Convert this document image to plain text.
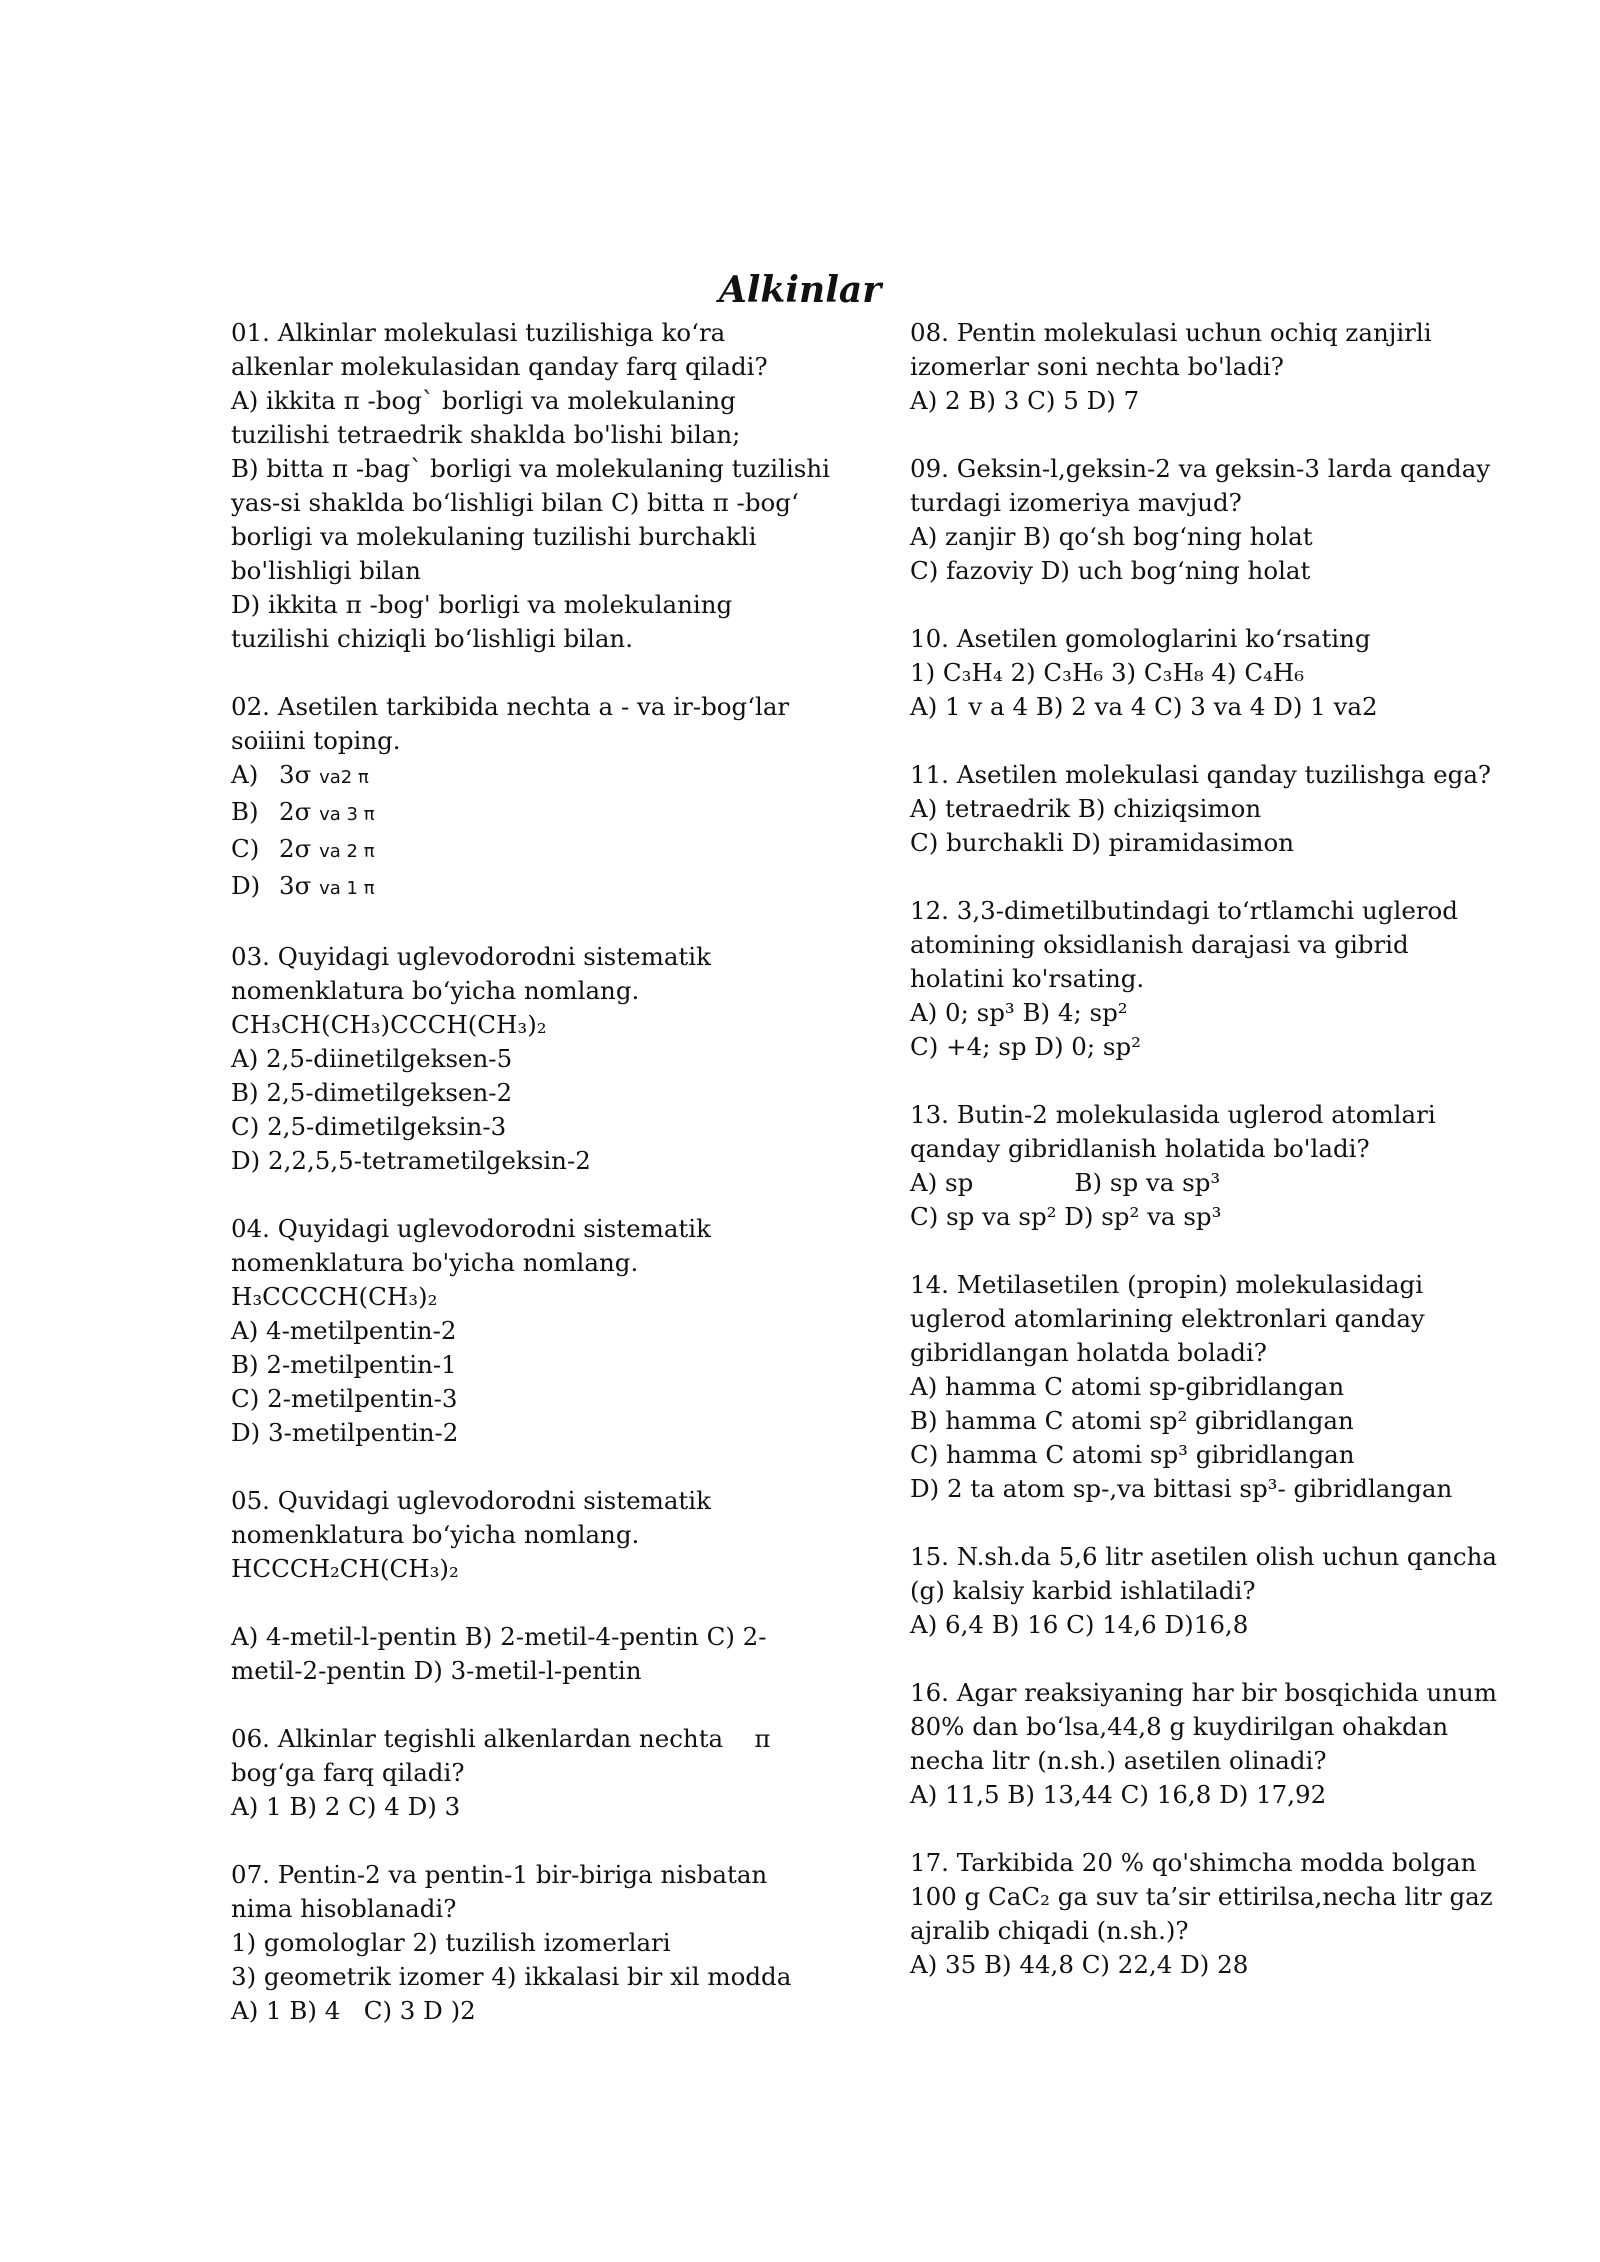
Alkinlar

01. Alkinlar molekulasi tuzilishiga ko‘ra

alkenlar molekulasidan qanday farq qiladi?

A) ikkita π -bog` borligi va molekulaning

tuzilishi tetraedrik shaklda bo'lishi bilan;

B) bitta π -bag` borligi va molekulaning tuzilishi

yas-si shaklda bo‘lishligi bilan C) bitta π -bog‘

borligi va molekulaning tuzilishi burchakli

bo'lishligi bilan

D) ikkita π -bog' borligi va molekulaning

tuzilishi chiziqli bo‘lishligi bilan.

02. Asetilen tarkibida nechta a - va ir-bog‘lar

soiiini toping.

A) 3σ va2 π

B) 2σ va 3 π

C) 2σ va 2 π

D) 3σ va 1 π

03. Quyidagi uglevodorodni sistematik

nomenklatura bo‘yicha nomlang.

CH₃CH(CH₃)CCCH(CH₃)₂

A) 2,5-diinetilgeksen-5

B) 2,5-dimetilgeksen-2

C) 2,5-dimetilgeksin-3

D) 2,2,5,5-tetrametilgeksin-2

04. Quyidagi uglevodorodni sistematik

nomenklatura bo'yicha nomlang.

H₃CCCCH(CH₃)₂

A) 4-metilpentin-2

B) 2-metilpentin-1

C) 2-metilpentin-3

D) 3-metilpentin-2

05. Quvidagi uglevodorodni sistematik

nomenklatura bo‘yicha nomlang.

HCCCH₂CH(CH₃)₂

A) 4-metil-l-pentin B) 2-metil-4-pentin C) 2-

metil-2-pentin D) 3-metil-l-pentin

06. Alkinlar tegishli alkenlardan nechta    π

bog‘ga farq qiladi?

A) 1 B) 2 C) 4 D) 3

07. Pentin-2 va pentin-1 bir-biriga nisbatan

nima hisoblanadi?

1) gomologlar 2) tuzilish izomerlari

3) geometrik izomer 4) ikkalasi bir xil modda

A) 1 B) 4   C) 3 D )2

08. Pentin molekulasi uchun ochiq zanjirli

izomerlar soni nechta bo'ladi?

A) 2 B) 3 C) 5 D) 7

09. Geksin-l,geksin-2 va geksin-3 larda qanday

turdagi izomeriya mavjud?

A) zanjir B) qo‘sh bog‘ning holat

C) fazoviy D) uch bog‘ning holat

10. Asetilen gomologlarini ko‘rsating

1) C₃H₄ 2) C₃H₆ 3) C₃H₈ 4) C₄H₆

A) 1 v a 4 B) 2 va 4 C) 3 va 4 D) 1 va2

11. Asetilen molekulasi qanday tuzilishga ega?

A) tetraedrik B) chiziqsimon

C) burchakli D) piramidasimon

12. 3,3-dimetilbutindagi to‘rtlamchi uglerod

atomining oksidlanish darajasi va gibrid

holatini ko'rsating.

A) 0; sp³ B) 4; sp²

C) +4; sp D) 0; sp²

13. Butin-2 molekulasida uglerod atomlari

qanday gibridlanish holatida bo'ladi?

A) sp             B) sp va sp³

C) sp va sp² D) sp² va sp³

14. Metilasetilen (propin) molekulasidagi

uglerod atomlarining elektronlari qanday

gibridlangan holatda boladi?

A) hamma C atomi sp-gibridlangan

B) hamma C atomi sp² gibridlangan

C) hamma C atomi sp³ gibridlangan

D) 2 ta atom sp-,va bittasi sp³- gibridlangan

15. N.sh.da 5,6 litr asetilen olish uchun qancha

(g) kalsiy karbid ishlatiladi?

A) 6,4 B) 16 C) 14,6 D)16,8

16. Agar reaksiyaning har bir bosqichida unum

80% dan bo‘lsa,44,8 g kuydirilgan ohakdan

necha litr (n.sh.) asetilen olinadi?

A) 11,5 B) 13,44 C) 16,8 D) 17,92

17. Tarkibida 20 % qo'shimcha modda bolgan

100 g CaC₂ ga suv ta’sir ettirilsa,necha litr gaz

ajralib chiqadi (n.sh.)?

A) 35 B) 44,8 C) 22,4 D) 28
